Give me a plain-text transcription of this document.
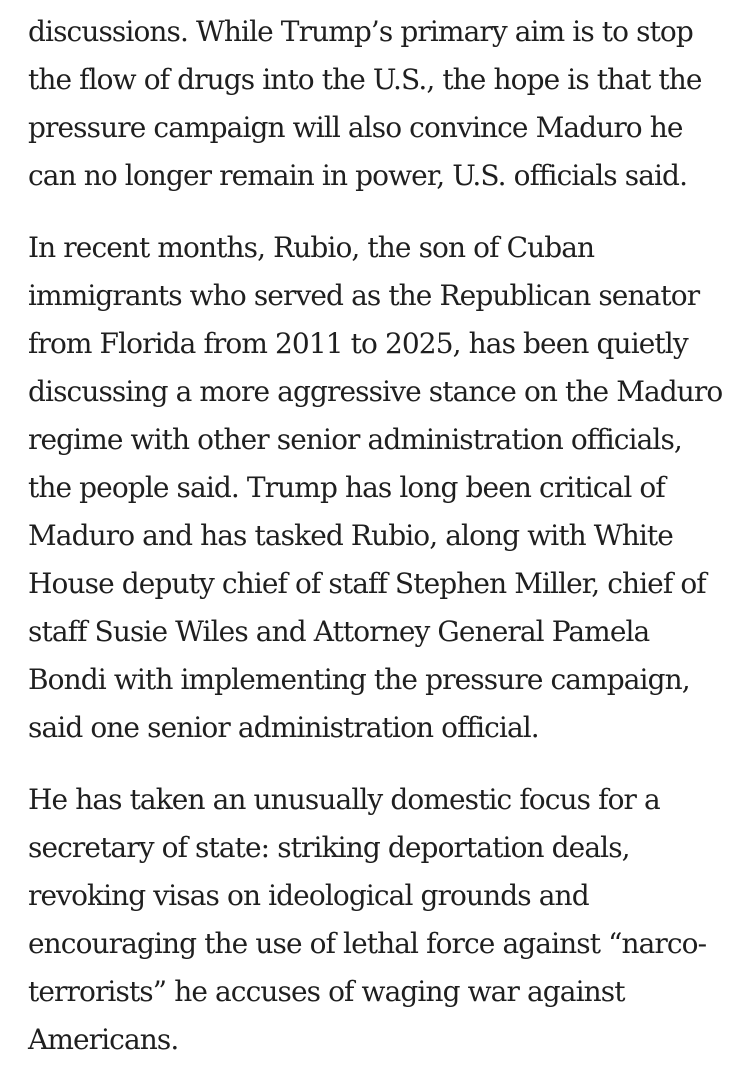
discussions. While Trump’s primary aim is to stop
the flow of drugs into the U.S., the hope is that the
pressure campaign will also convince Maduro he
can no longer remain in power, U.S. officials said.

In recent months, Rubio, the son of Cuban
immigrants who served as the Republican senator
from Florida from 2011 to 2025, has been quietly
discussing a more aggressive stance on the Maduro
regime with other senior administration officials,
the people said. Trump has long been critical of
Maduro and has tasked Rubio, along with White
House deputy chief of staff Stephen Miller, chief of
staff Susie Wiles and Attorney General Pamela
Bondi with implementing the pressure campaign,
said one senior administration official.

He has taken an unusually domestic focus for a
secretary of state: striking deportation deals,
revoking visas on ideological grounds and
encouraging the use of lethal force against “narco-
terrorists” he accuses of waging war against
Americans.
